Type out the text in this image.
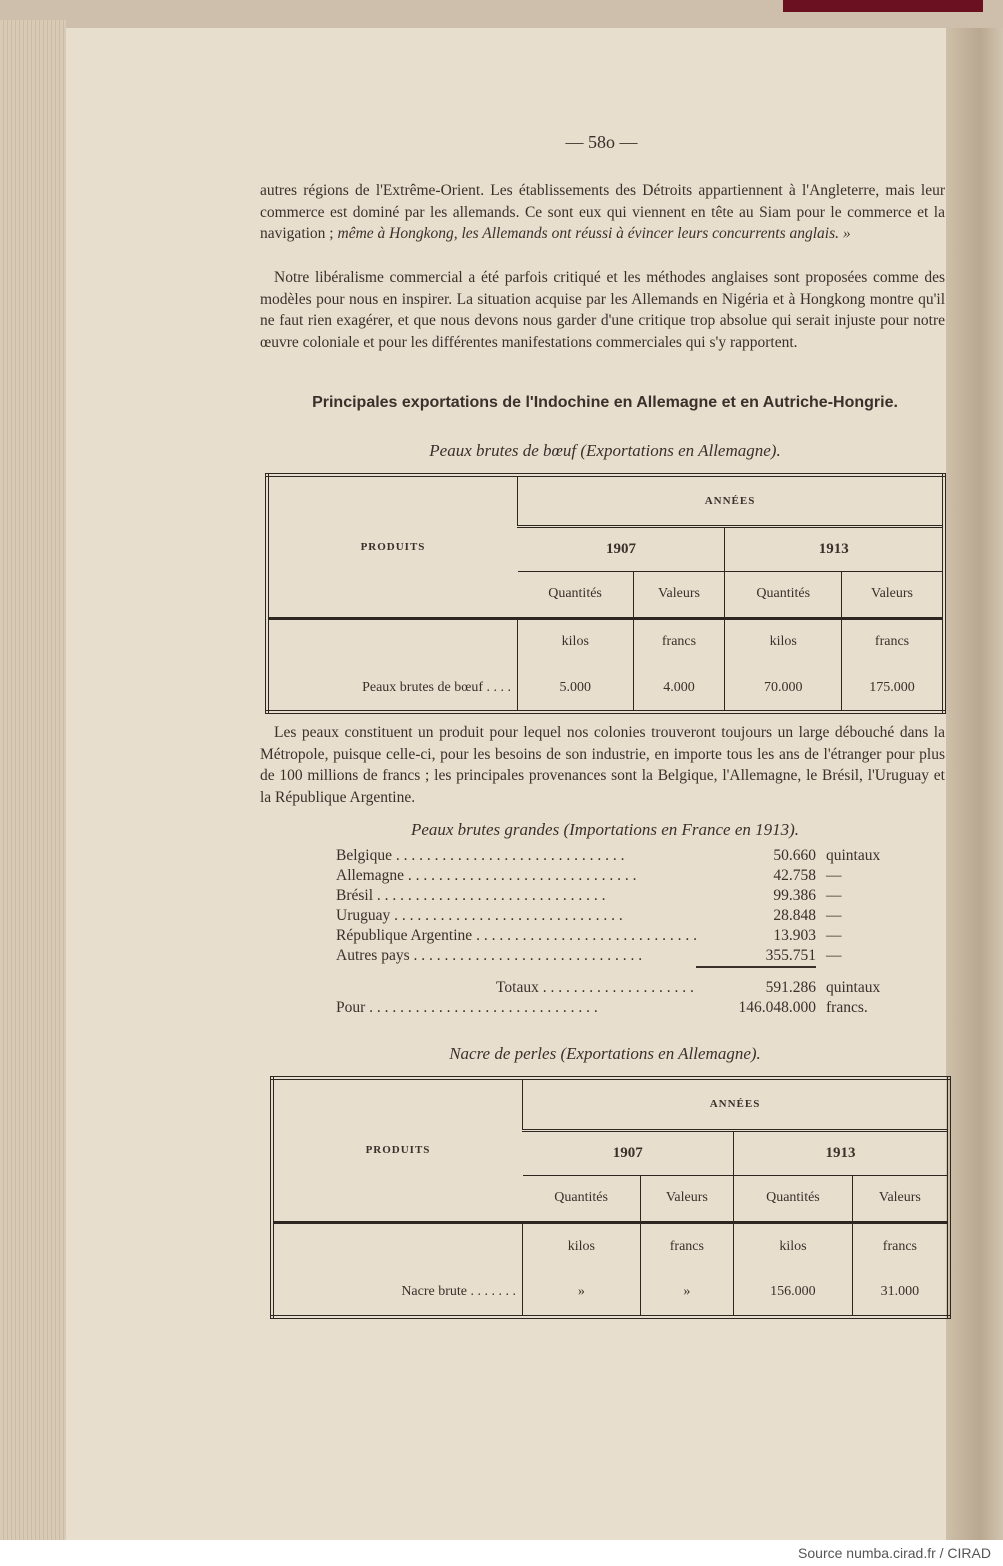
— 58o —
autres régions de l'Extrême-Orient. Les établissements des Détroits appartiennent à l'Angleterre, mais leur commerce est dominé par les allemands. Ce sont eux qui viennent en tête au Siam pour le commerce et la navigation ; même à Hongkong, les Allemands ont réussi à évincer leurs concurrents anglais. »
Notre libéralisme commercial a été parfois critiqué et les méthodes anglaises sont proposées comme des modèles pour nous en inspirer. La situation acquise par les Allemands en Nigéria et à Hongkong montre qu'il ne faut rien exagérer, et que nous devons nous garder d'une critique trop absolue qui serait injuste pour notre œuvre coloniale et pour les différentes manifestations commerciales qui s'y rapportent.
Principales exportations de l'Indochine en Allemagne et en Autriche-Hongrie.
Peaux brutes de bœuf (Exportations en Allemagne).
PRODUITS	ANNÉES			
	1907		1913	
	Quantités	Valeurs	Quantités	Valeurs
	kilos	francs	kilos	francs
Peaux brutes de bœuf . . . .	5.000	4.000	70.000	175.000
Les peaux constituent un produit pour lequel nos colonies trouveront toujours un large débouché dans la Métropole, puisque celle-ci, pour les besoins de son industrie, en importe tous les ans de l'étranger pour plus de 100 millions de francs ; les principales provenances sont la Belgique, l'Allemagne, le Brésil, l'Uruguay et la République Argentine.
Peaux brutes grandes (Importations en France en 1913).
Belgique . . .	50.660 quintaux
Allemagne . . .	42.758 —
Brésil . . .	99.386 —
Uruguay . . .	28.848 —
République Argentine . . .	13.903 —
Autres pays . . .	355.751 —
Totaux . . .	591.286 quintaux
Pour . . .	146.048.000 francs.
Nacre de perles (Exportations en Allemagne).
PRODUITS	ANNÉES			
	1907		1913	
	Quantités	Valeurs	Quantités	Valeurs
	kilos	francs	kilos	francs
Nacre brute . . . . . . .	»	»	156.000	31.000
Source numba.cirad.fr / CIRAD
